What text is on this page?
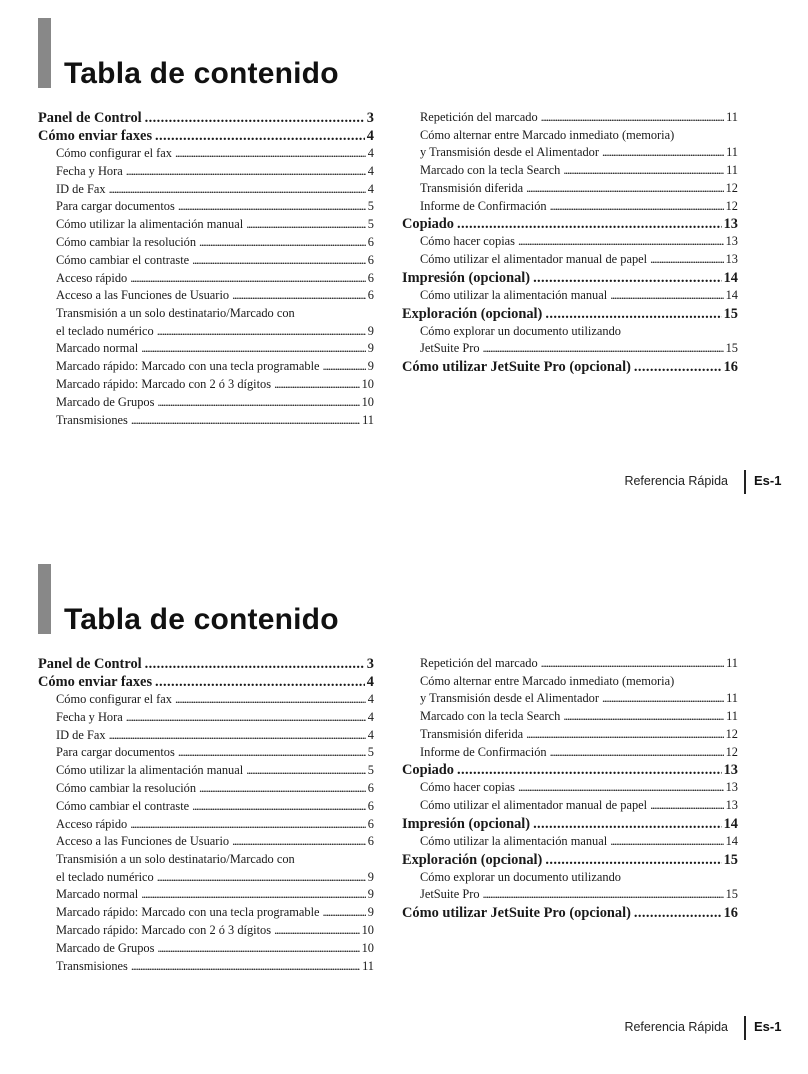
Tabla de contenido
Panel de Control . . .	3
Cómo enviar faxes . . .	4
Cómo configurar el fax . . .	4
Fecha y Hora . . .	4
ID de Fax . . .	4
Para cargar documentos . . .	5
Cómo utilizar la alimentación manual . . .	5
Cómo cambiar la resolución . . .	6
Cómo cambiar el contraste . . .	6
Acceso rápido . . .	6
Acceso a las Funciones de Usuario . . .	6
Transmisión a un solo destinatario/Marcado con
el teclado numérico . . .	9
Marcado normal . . .	9
Marcado rápido: Marcado con una tecla programable . . .	9
Marcado rápido: Marcado con 2 ó 3 dígitos . . .	10
Marcado de Grupos . . .	10
Transmisiones . . .	11
Repetición del marcado . . .	11
Cómo alternar entre Marcado inmediato (memoria)
y Transmisión desde el Alimentador . . .	11
Marcado con la tecla Search . . .	11
Transmisión diferida . . .	12
Informe de Confirmación . . .	12
Copiado . . .	13
Cómo hacer copias . . .	13
Cómo utilizar el alimentador manual de papel . . .	13
Impresión (opcional) . . .	14
Cómo utilizar la alimentación manual . . .	14
Exploración (opcional) . . .	15
Cómo explorar un documento utilizando
JetSuite Pro . . .	15
Cómo utilizar JetSuite Pro (opcional) . . .	16
Referencia Rápida Es-1
Tabla de contenido
Panel de Control . . .	3
Cómo enviar faxes . . .	4
Cómo configurar el fax . . .	4
Fecha y Hora . . .	4
ID de Fax . . .	4
Para cargar documentos . . .	5
Cómo utilizar la alimentación manual . . .	5
Cómo cambiar la resolución . . .	6
Cómo cambiar el contraste . . .	6
Acceso rápido . . .	6
Acceso a las Funciones de Usuario . . .	6
Transmisión a un solo destinatario/Marcado con
el teclado numérico . . .	9
Marcado normal . . .	9
Marcado rápido: Marcado con una tecla programable . . .	9
Marcado rápido: Marcado con 2 ó 3 dígitos . . .	10
Marcado de Grupos . . .	10
Transmisiones . . .	11
Repetición del marcado . . .	11
Cómo alternar entre Marcado inmediato (memoria)
y Transmisión desde el Alimentador . . .	11
Marcado con la tecla Search . . .	11
Transmisión diferida . . .	12
Informe de Confirmación . . .	12
Copiado . . .	13
Cómo hacer copias . . .	13
Cómo utilizar el alimentador manual de papel . . .	13
Impresión (opcional) . . .	14
Cómo utilizar la alimentación manual . . .	14
Exploración (opcional) . . .	15
Cómo explorar un documento utilizando
JetSuite Pro . . .	15
Cómo utilizar JetSuite Pro (opcional) . . .	16
Referencia Rápida Es-1
